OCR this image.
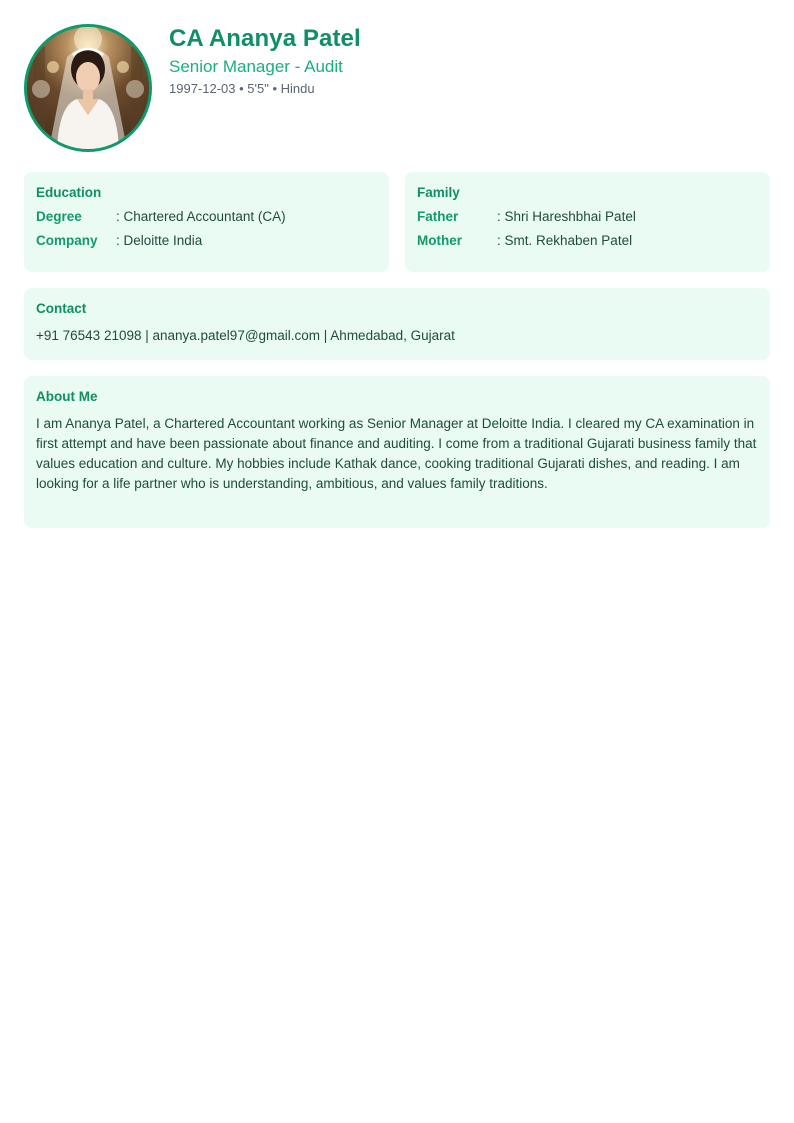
CA Ananya Patel
Senior Manager - Audit
1997-12-03 • 5'5" • Hindu
Education
Degree	: Chartered Accountant (CA)
Company	: Deloitte India
Family
Father	: Shri Hareshbhai Patel
Mother	: Smt. Rekhaben Patel
Contact
+91 76543 21098 | ananya.patel97@gmail.com | Ahmedabad, Gujarat
About Me
I am Ananya Patel, a Chartered Accountant working as Senior Manager at Deloitte India. I cleared my CA examination in first attempt and have been passionate about finance and auditing. I come from a traditional Gujarati business family that values education and culture. My hobbies include Kathak dance, cooking traditional Gujarati dishes, and reading. I am looking for a life partner who is understanding, ambitious, and values family traditions.
